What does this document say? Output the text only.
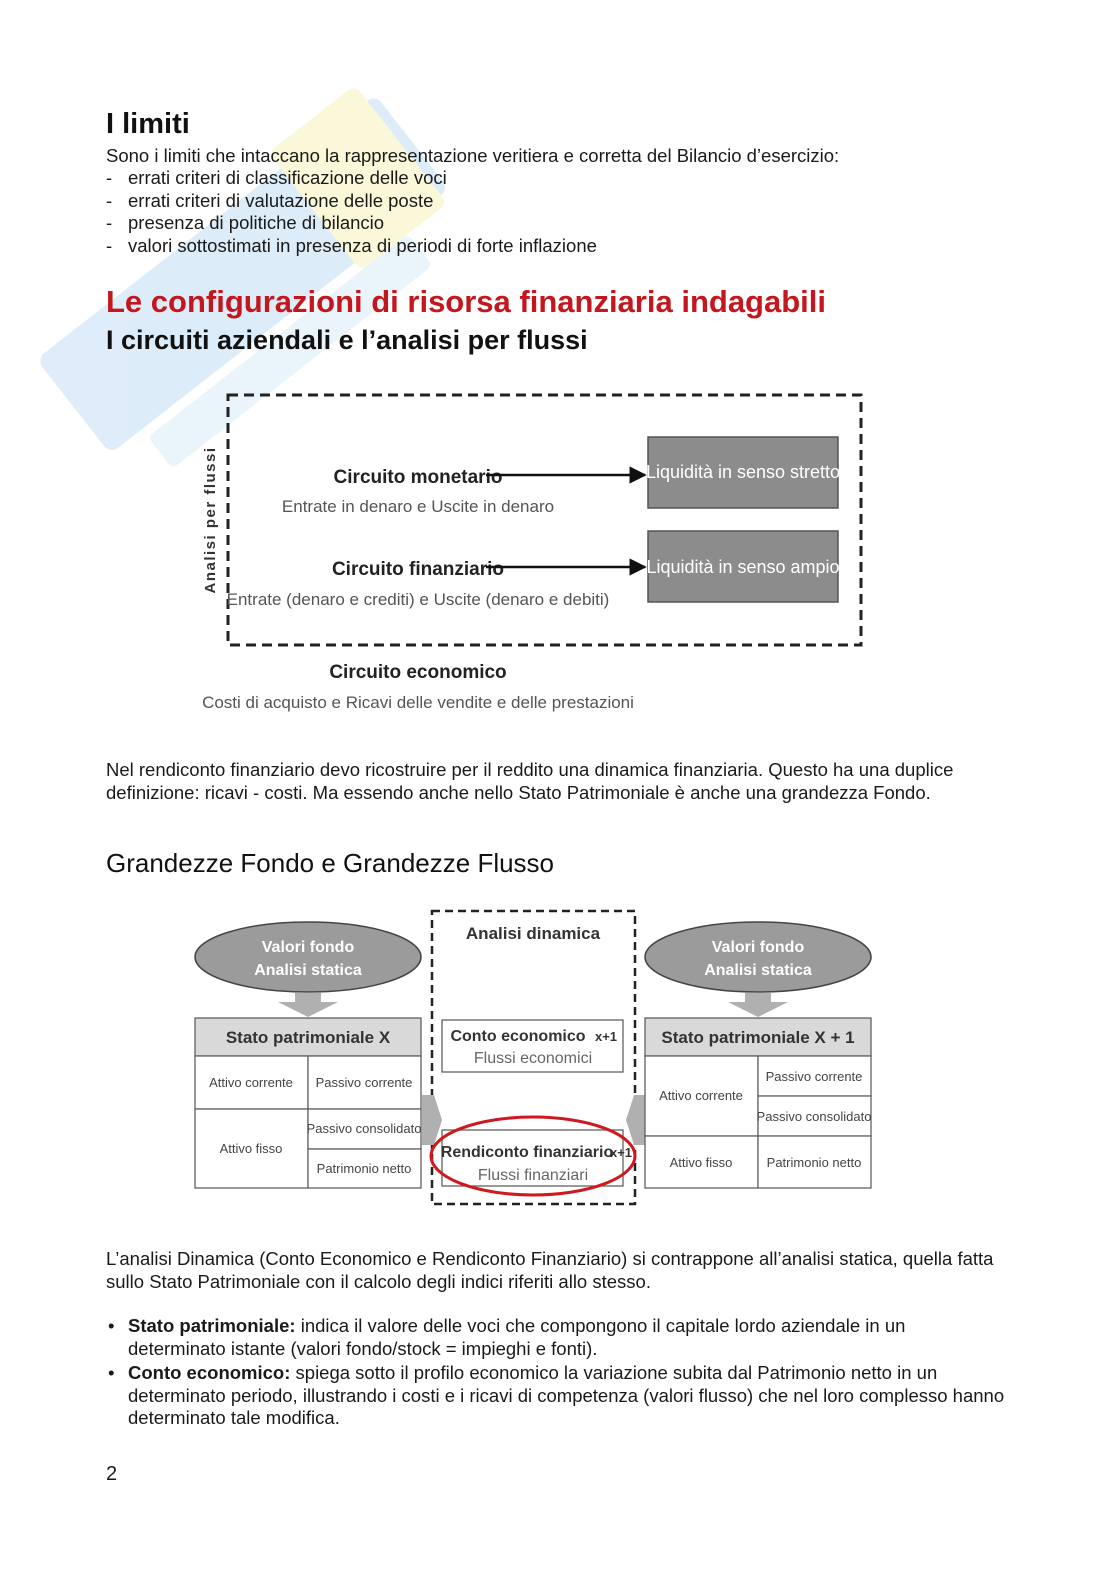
I limiti

Sono i limiti che intaccano la rappresentazione veritiera e corretta del Bilancio d’esercizio:

- errati criteri di classificazione delle voci
- errati criteri di valutazione delle poste
- presenza di politiche di bilancio
- valori sottostimati in presenza di periodi di forte inflazione
Le configurazioni di risorsa finanziaria indagabili
I circuiti aziendali e l’analisi per flussi
Analisi per flussi	Circuito monetario
Entrate in denaro e Uscite in denaro
Liquidità in senso stretto
Circuito finanziario
Entrate (denaro e crediti) e Uscite (denaro e debiti)
Liquidità in senso ampio
Circuito economico
Costi di acquisto e Ricavi delle vendite e delle prestazioni

Nel rendiconto finanziario devo ricostruire per il reddito una dinamica finanziaria. Questo ha una duplice definizione: ricavi - costi. Ma essendo anche nello Stato Patrimoniale è anche una grandezza Fondo.

Grandezze Fondo e Grandezze Flusso
Valori fondo
Analisi statica
Stato patrimoniale X
Attivo corrente Passivo corrente
Attivo fisso
Passivo consolidato
Patrimonio netto
Analisi dinamica
Conto economico x+1
Flussi economici
Rendiconto finanziario
x+1
Flussi finanziari
Valori fondo
Analisi statica
Stato patrimoniale X + 1
Attivo corrente
Passivo corrente
Passivo consolidato
Attivo fisso	Patrimonio netto

L’analisi Dinamica (Conto Economico e Rendiconto Finanziario) si contrappone all’analisi statica, quella fatta sullo Stato Patrimoniale con il calcolo degli indici riferiti allo stesso.

• Stato patrimoniale: indica il valore delle voci che compongono il capitale lordo aziendale in un determinato istante (valori fondo/stock = impieghi e fonti).
• Conto economico: spiega sotto il profilo economico la variazione subita dal Patrimonio netto in un determinato periodo, illustrando i costi e i ricavi di competenza (valori flusso) che nel loro complesso hanno determinato tale modifica.
2
